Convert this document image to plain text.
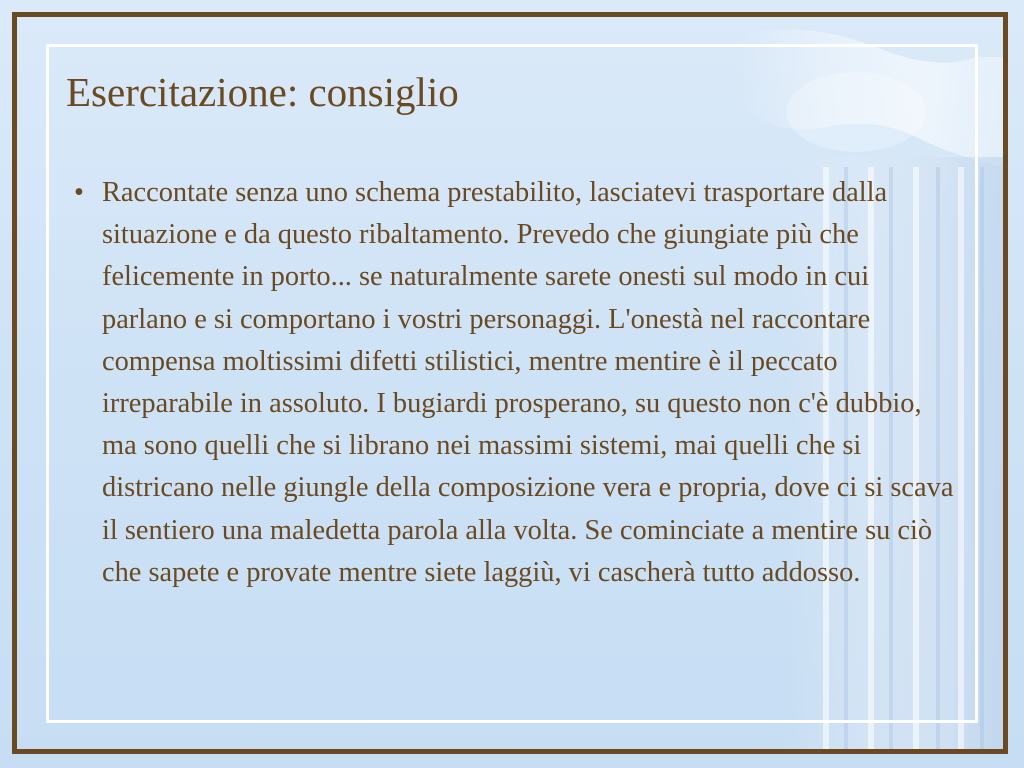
Esercitazione: consiglio
• Raccontate senza uno schema prestabilito, lasciatevi trasportare dalla situazione e da questo ribaltamento. Prevedo che giungiate più che felicemente in porto... se naturalmente sarete onesti sul modo in cui parlano e si comportano i vostri personaggi. L'onestà nel raccontare compensa moltissimi difetti stilistici, mentre mentire è il peccato irreparabile in assoluto. I bugiardi prosperano, su questo non c'è dubbio, ma sono quelli che si librano nei massimi sistemi, mai quelli che si districano nelle giungle della composizione vera e propria, dove ci si scava il sentiero una maledetta parola alla volta. Se cominciate a mentire su ciò che sapete e provate mentre siete laggiù, vi cascherà tutto addosso.
